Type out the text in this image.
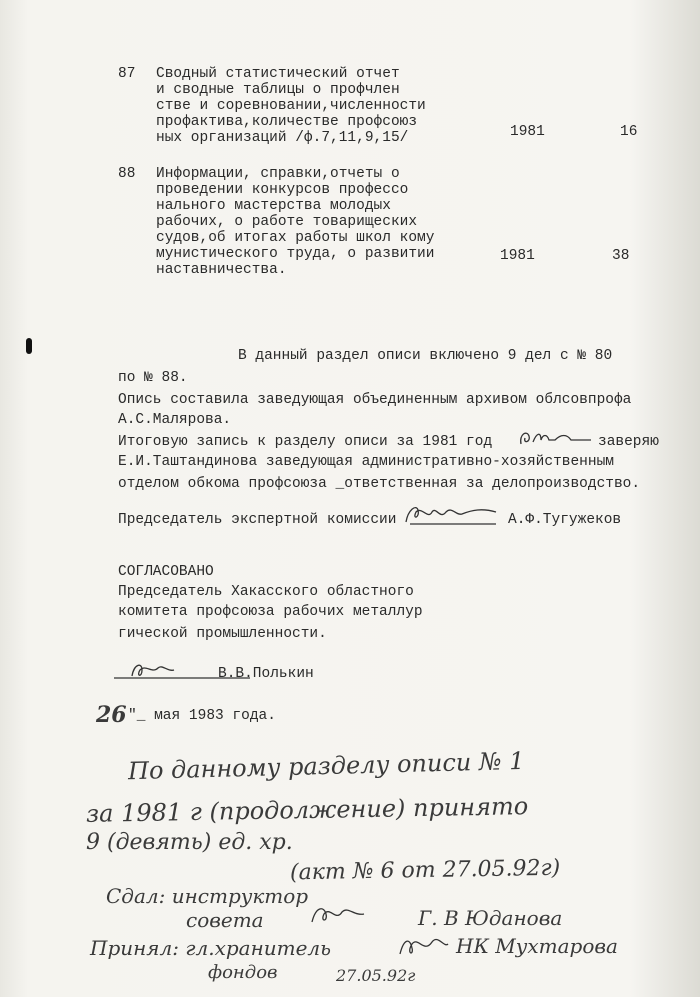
87 Сводный статистический отчет
и сводные таблицы о профчлен
стве и соревновании,численности
профактива,количестве профсоюз
ных организаций /ф.7,11,9,15/	1981	16
88 Информации, справки,отчеты о
проведении конкурсов профессо
нального мастерства молодых
рабочих, о работе товарищеских
судов,об итогах работы школ кому
мунистического труда, о развитии
наставничества.
1981	38
В данный раздел описи включено 9 дел с № 80
по № 88.
Опись составила заведующая объединенным архивом облсовпрофа
А.С.Малярова.
Итоговую запись к разделу описи за 1981 год	заверяю
Е.И.Таштандинова заведующая административно-хозяйственным
отделом обкома профсоюза _ответственная за делопроизводство.
Председатель экспертной комиссии	А.Ф.Тугужеков
СОГЛАСОВАНО
Председатель Хакасского областного
комитета профсоюза рабочих металлур
гической промышленности.
В.В.Полькин
26 "_ мая 1983 года.
По данному разделу описи № 1
за 1981 г (продолжение) принято
9 (девять) ед. хр.
(акт № 6 от 27.05.92г)
Сдал: инструктор
совета	Г. В Юданова
Принял: гл.хранитель	НК Мухтарова
фондов	27.05.92г
